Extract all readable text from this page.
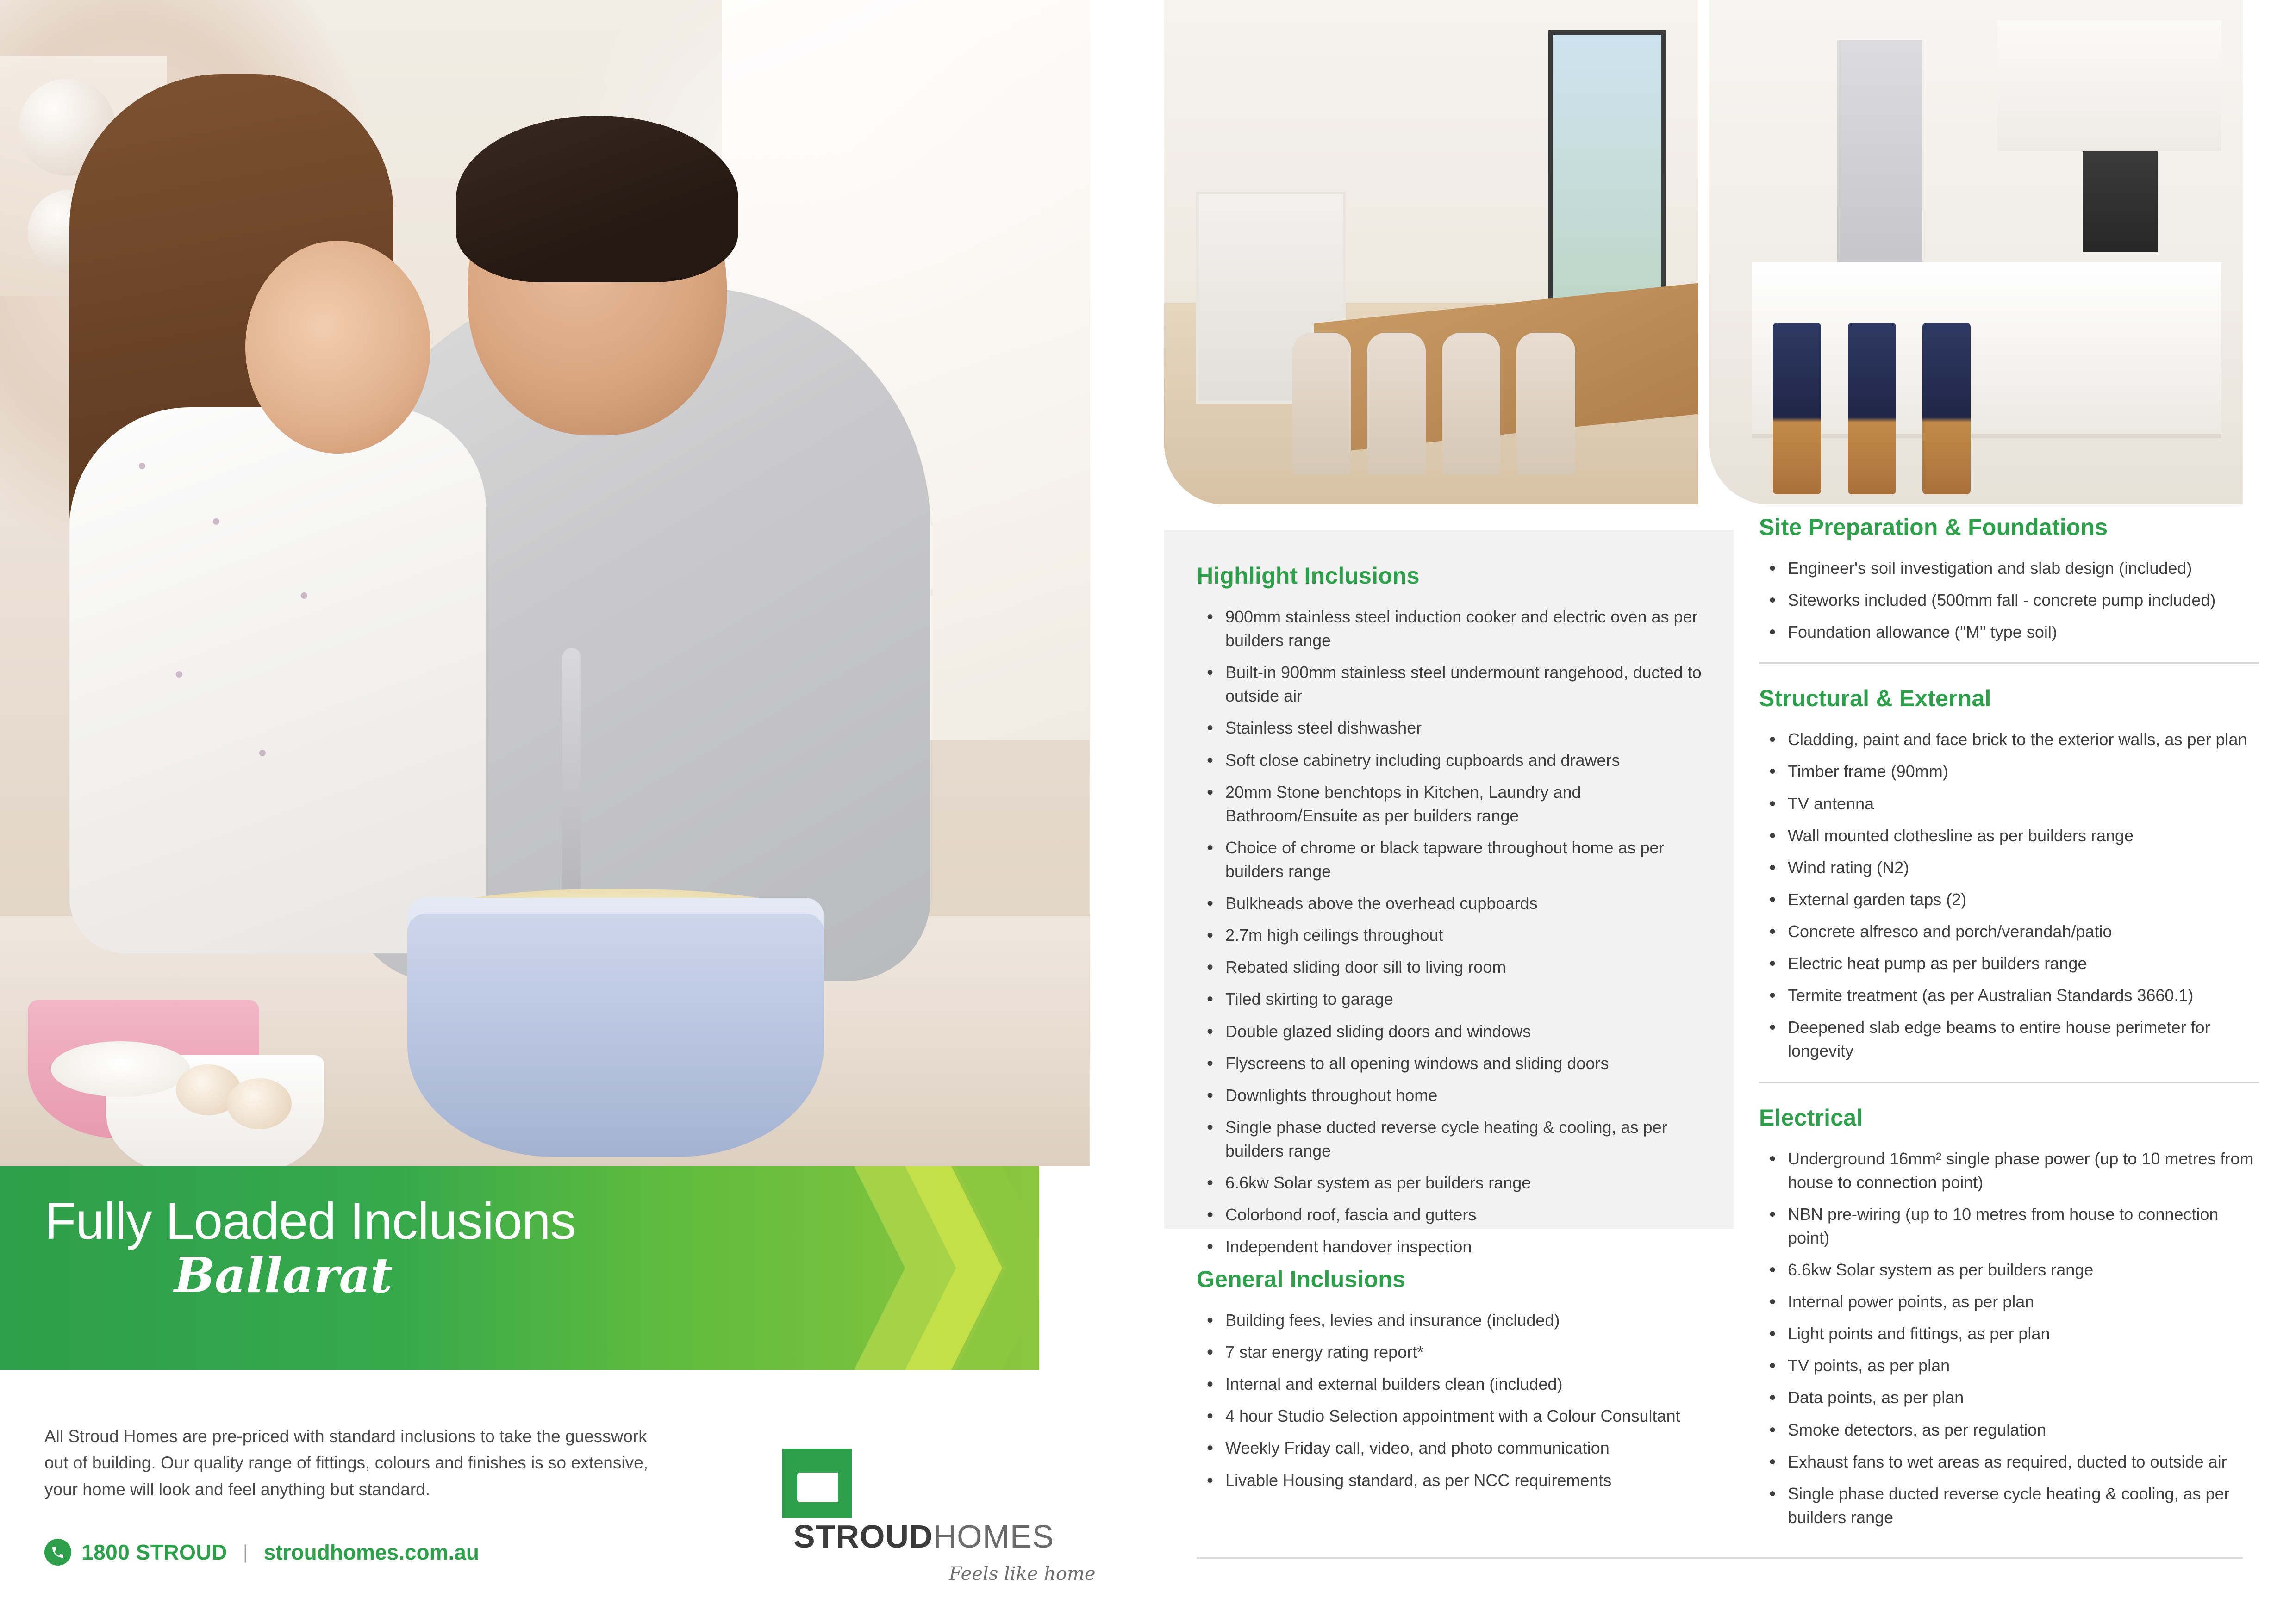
Fully Loaded Inclusions
Ballarat

All Stroud Homes are pre-priced with standard inclusions to take the guesswork out of building. Our quality range of fittings, colours and finishes is so extensive, your home will look and feel anything but standard.

1800 STROUD | stroudhomes.com.au	STROUDHOMES
Feels like home
Highlight Inclusions
• 900mm stainless steel induction cooker and electric oven as per builders range
• Built-in 900mm stainless steel undermount rangehood, ducted to outside air
• Stainless steel dishwasher
• Soft close cabinetry including cupboards and drawers
• 20mm Stone benchtops in Kitchen, Laundry and Bathroom/Ensuite as per builders range
• Choice of chrome or black tapware throughout home as per builders range
• Bulkheads above the overhead cupboards
• 2.7m high ceilings throughout
• Rebated sliding door sill to living room
• Tiled skirting to garage
• Double glazed sliding doors and windows
• Flyscreens to all opening windows and sliding doors
• Downlights throughout home
• Single phase ducted reverse cycle heating & cooling, as per builders range
• 6.6kw Solar system as per builders range
• Colorbond roof, fascia and gutters
• Independent handover inspection
General Inclusions
• Building fees, levies and insurance (included)
• 7 star energy rating report*
• Internal and external builders clean (included)
• 4 hour Studio Selection appointment with a Colour Consultant
• Weekly Friday call, video, and photo communication
• Livable Housing standard, as per NCC requirements
Site Preparation & Foundations
• Engineer's soil investigation and slab design (included)
• Siteworks included (500mm fall - concrete pump included)
• Foundation allowance ("M" type soil)
Structural & External
• Cladding, paint and face brick to the exterior walls, as per plan
• Timber frame (90mm)
• TV antenna
• Wall mounted clothesline as per builders range
• Wind rating (N2)
• External garden taps (2)
• Concrete alfresco and porch/verandah/patio
• Electric heat pump as per builders range
• Termite treatment (as per Australian Standards 3660.1)
• Deepened slab edge beams to entire house perimeter for longevity
Electrical
• Underground 16mm² single phase power (up to 10 metres from house to connection point)
• NBN pre-wiring (up to 10 metres from house to connection point)
• 6.6kw Solar system as per builders range
• Internal power points, as per plan
• Light points and fittings, as per plan
• TV points, as per plan
• Data points, as per plan
• Smoke detectors, as per regulation
• Exhaust fans to wet areas as required, ducted to outside air
• Single phase ducted reverse cycle heating & cooling, as per builders range
